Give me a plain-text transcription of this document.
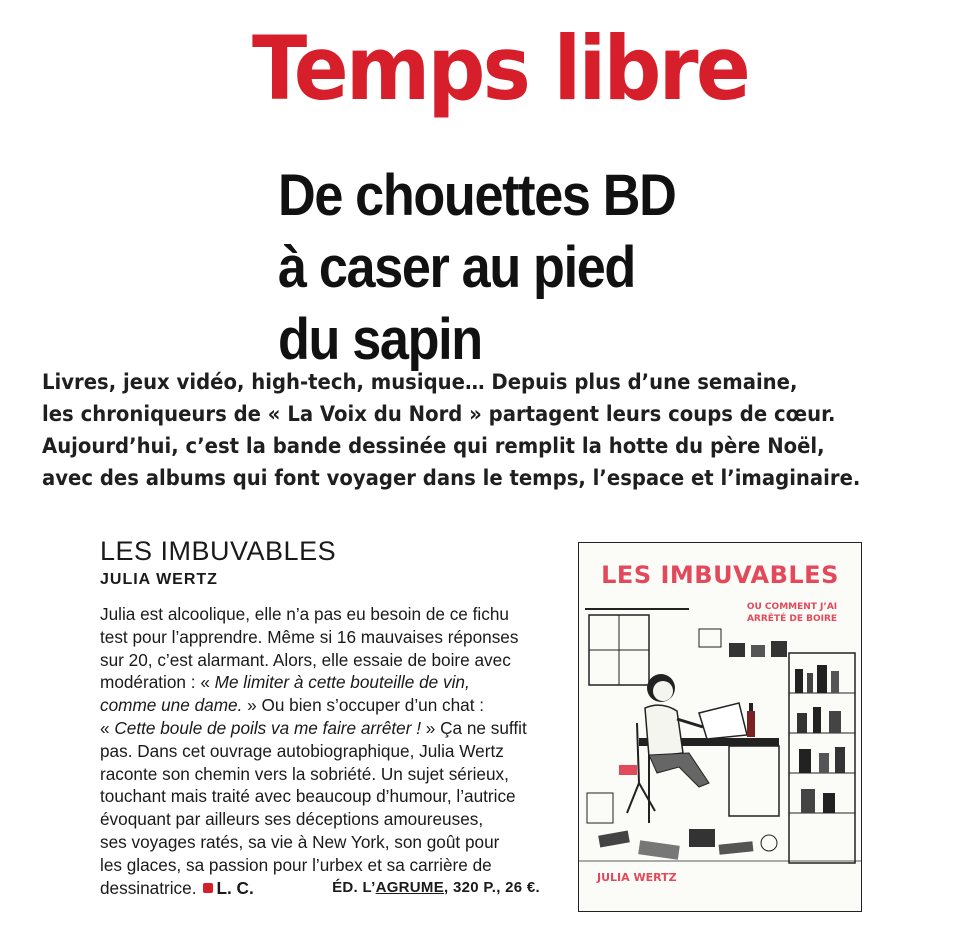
Temps libre
De chouettes BD
à caser au pied
du sapin
Livres, jeux vidéo, high-tech, musique… Depuis plus d’une semaine,
les chroniqueurs de « La Voix du Nord » partagent leurs coups de cœur.
Aujourd’hui, c’est la bande dessinée qui remplit la hotte du père Noël,
avec des albums qui font voyager dans le temps, l’espace et l’imaginaire.
LES IMBUVABLES
JULIA WERTZ
Julia est alcoolique, elle n’a pas eu besoin de ce fichu
test pour l’apprendre. Même si 16 mauvaises réponses
sur 20, c’est alarmant. Alors, elle essaie de boire avec
modération : « Me limiter à cette bouteille de vin,
comme une dame. » Ou bien s’occuper d’un chat :
« Cette boule de poils va me faire arrêter ! » Ça ne suffit
pas. Dans cet ouvrage autobiographique, Julia Wertz
raconte son chemin vers la sobriété. Un sujet sérieux,
touchant mais traité avec beaucoup d’humour, l’autrice
évoquant par ailleurs ses déceptions amoureuses,
ses voyages ratés, sa vie à New York, son goût pour
les glaces, sa passion pour l’urbex et sa carrière de
dessinatrice. L. C.	ÉD. L’AGRUME, 320 P., 26 €.
LES IMBUVABLES
OU COMMENT J’AI ARRÊTÉ DE BOIRE
JULIA WERTZ
